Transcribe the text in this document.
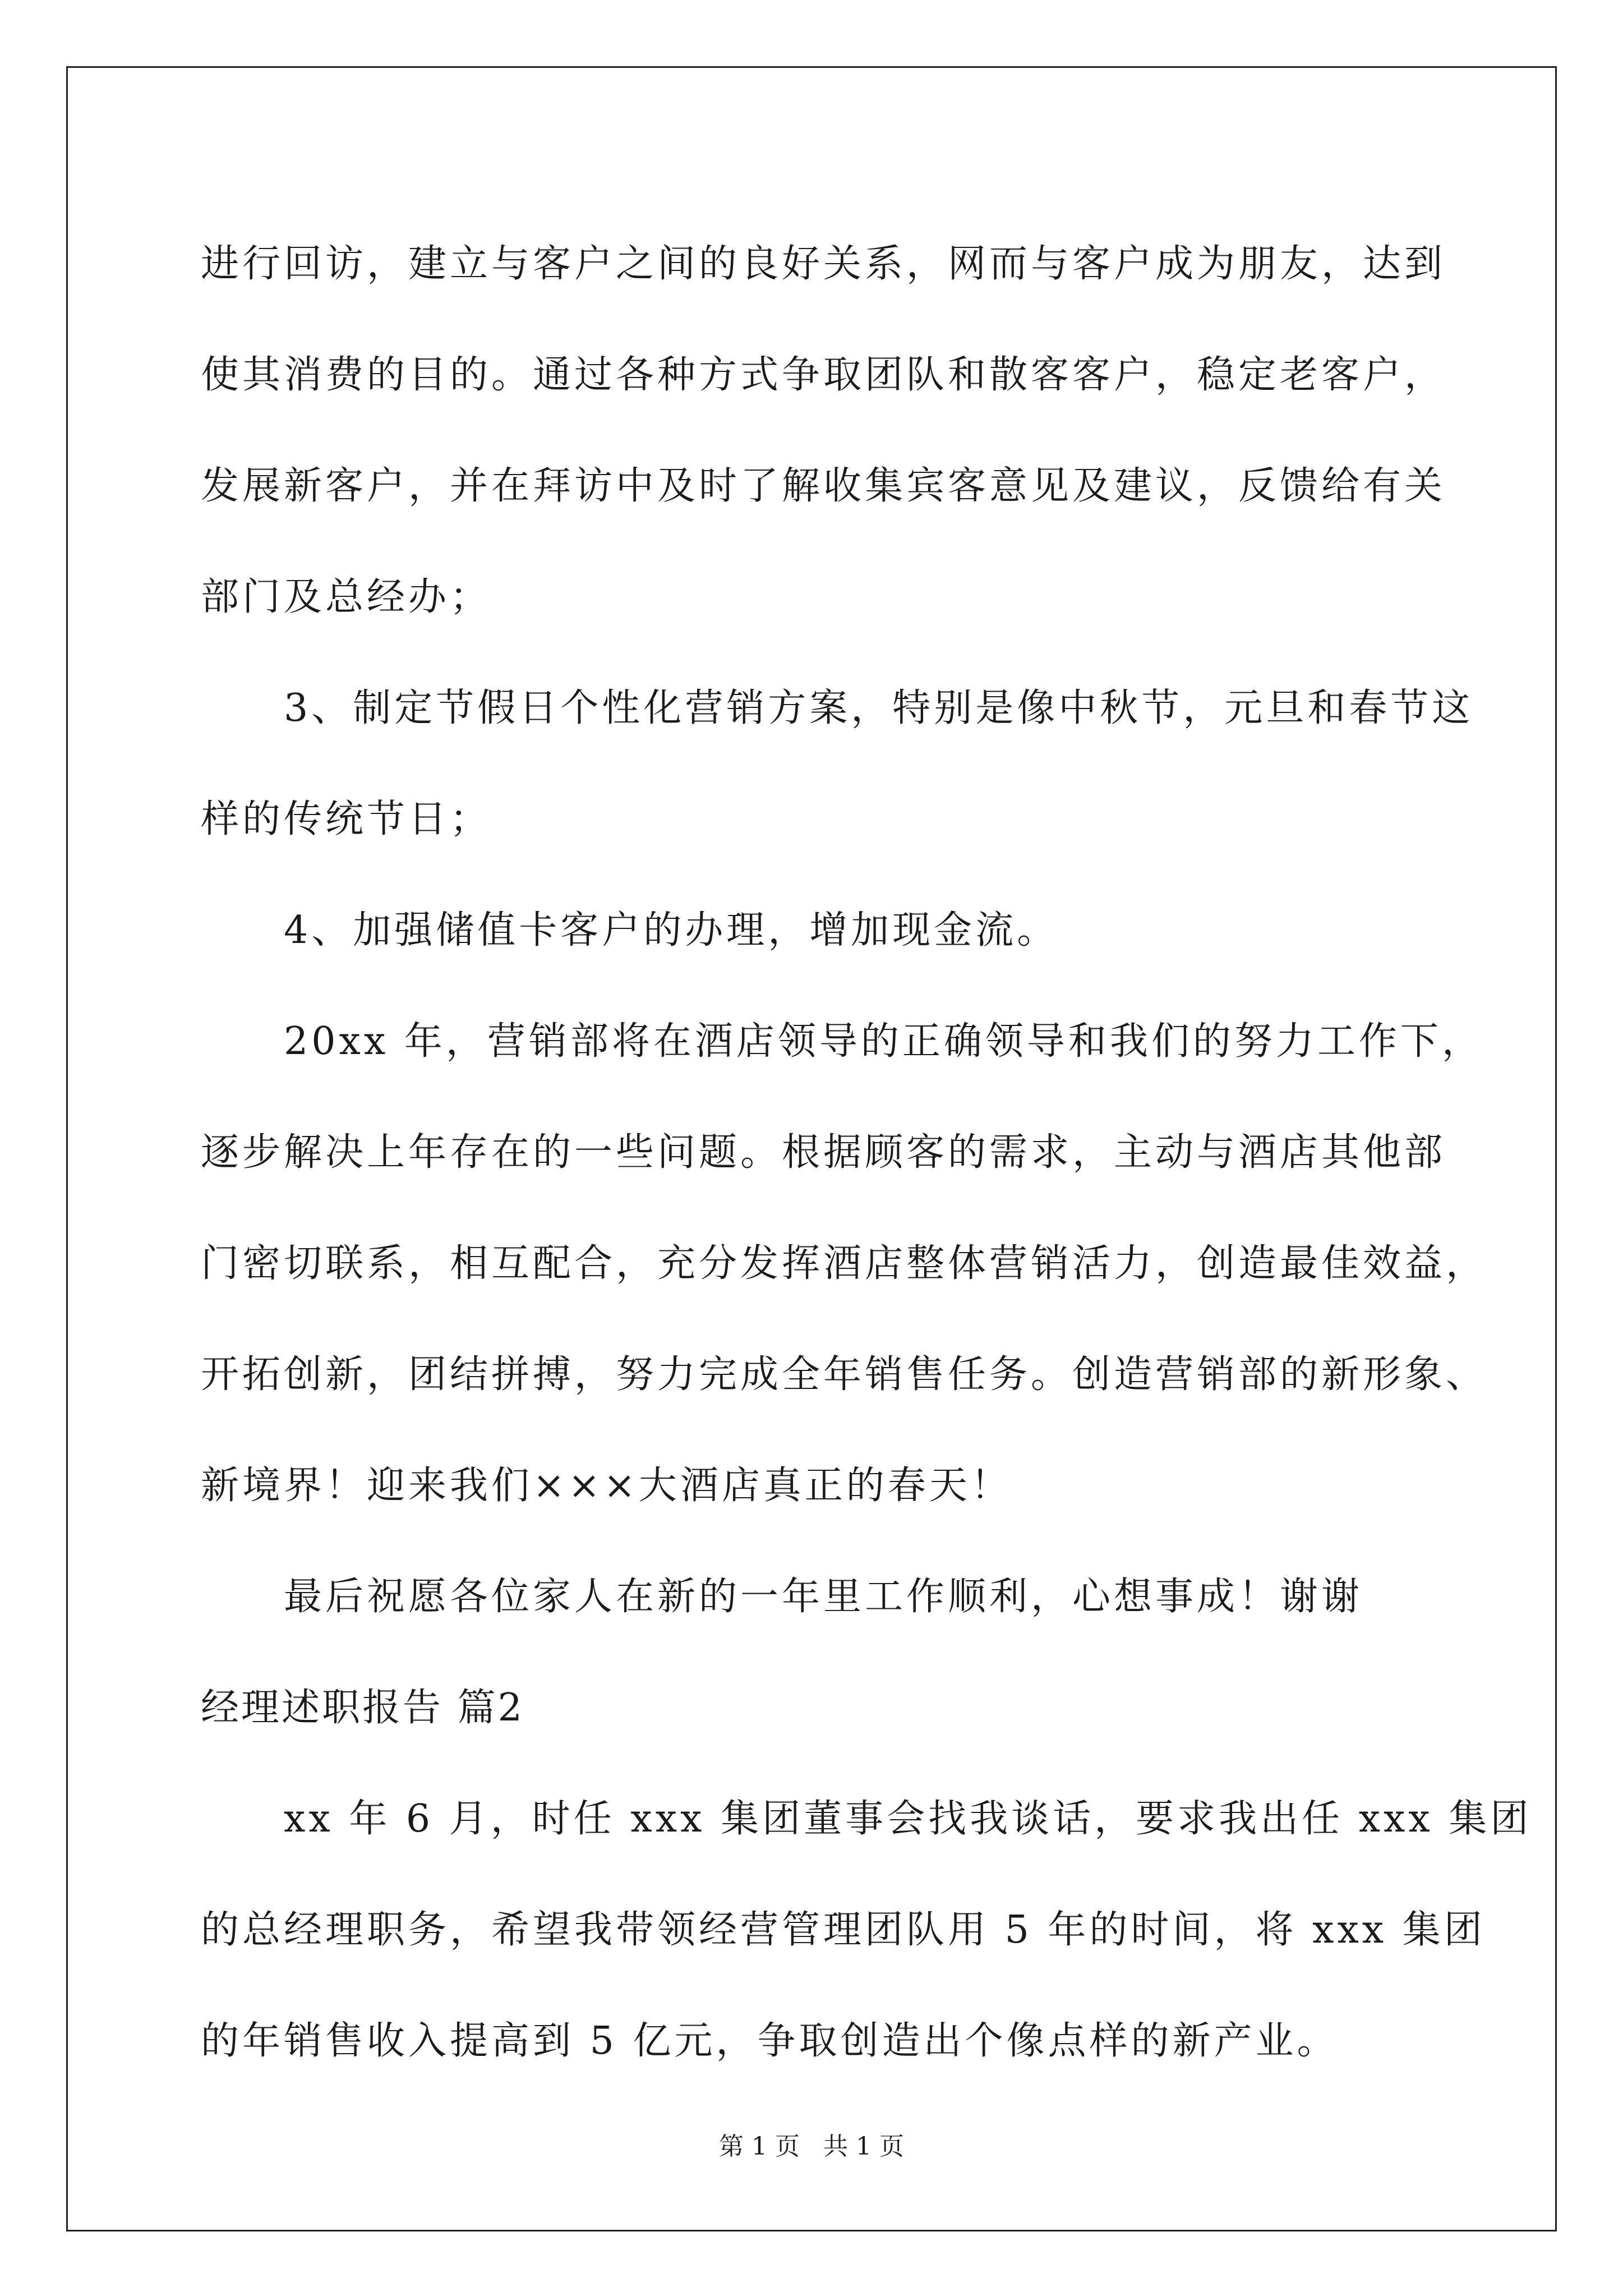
进行回访，建立与客户之间的良好关系，网而与客户成为朋友，达到
使其消费的目的。通过各种方式争取团队和散客客户，稳定老客户，
发展新客户，并在拜访中及时了解收集宾客意见及建议，反馈给有关
部门及总经办；
3、制定节假日个性化营销方案，特别是像中秋节，元旦和春节这
样的传统节日；
4、加强储值卡客户的办理，增加现金流。
20xx 年，营销部将在酒店领导的正确领导和我们的努力工作下，
逐步解决上年存在的一些问题。根据顾客的需求，主动与酒店其他部
门密切联系，相互配合，充分发挥酒店整体营销活力，创造最佳效益，
开拓创新，团结拼搏，努力完成全年销售任务。创造营销部的新形象、
新境界！迎来我们×××大酒店真正的春天！
最后祝愿各位家人在新的一年里工作顺利，心想事成！谢谢
经理述职报告 篇2
xx 年 6 月，时任 xxx 集团董事会找我谈话，要求我出任 xxx 集团
的总经理职务，希望我带领经营管理团队用 5 年的时间，将 xxx 集团
的年销售收入提高到 5 亿元，争取创造出个像点样的新产业。
第 1 页   共 1 页
